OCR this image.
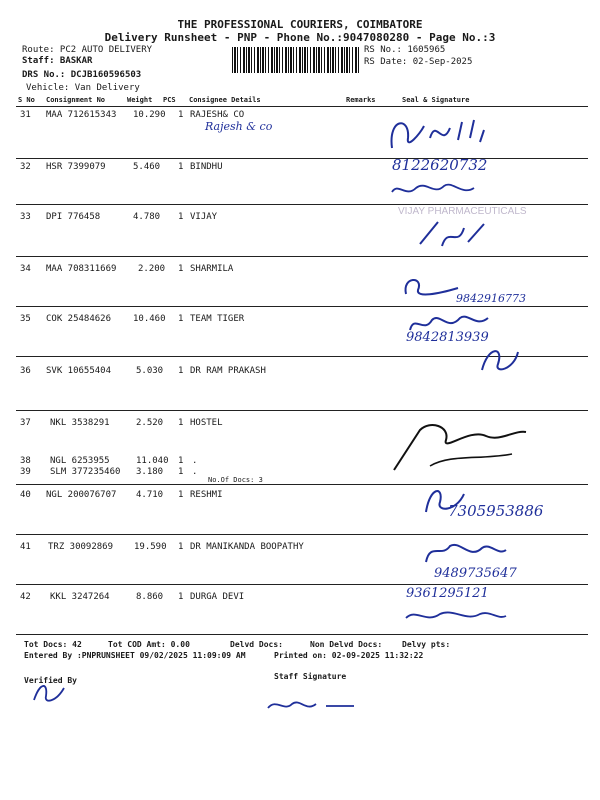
THE PROFESSIONAL COURIERS, COIMBATORE
Delivery Runsheet - PNP - Phone No.:9047080280 - Page No.:3
Route: PC2 AUTO DELIVERY
Staff: BASKAR
DRS No.: DCJB160596503
Vehicle: Van Delivery
RS No.: 1605965
RS Date: 02-Sep-2025
S No Consignment No	Weight PCS Consignee Details	Remarks	Seal & Signature
31 MAA 712615343 10.290 1 RAJESH& CO
32 HSR 7399079	5.460 1 BINDHU
33 DPI 776458	4.780 1 VIJAY
34 MAA 708311669 2.200 1 SHARMILA
35 COK 25484626 10.460 1 TEAM TIGER
36 SVK 10655404	5.030 1 DR RAM PRAKASH
37 NKL 3538291	2.520 1 HOSTEL
38 NGL 6253955	11.040 1 .
39 SLM 377235460 3.180 1 .
No.Of Docs: 3
40 NGL 200076707 4.710 1 RESHMI
41 TRZ 30092869 19.590 1 DR MANIKANDA BOOPATHY
42 KKL 3247264	8.860 1 DURGA DEVI
Rajesh & co
8122620732
VIJAY PHARMACEUTICALS
9842916773
9842813939
7305953886
9489735647
9361295121
Tot Docs: 42	Tot COD Amt: 0.00	Delvd Docs:	Non Delvd Docs: Delvy pts:
Entered By :PNPRUNSHEET 09/02/2025 11:09:09 AM	Printed on: 02-09-2025 11:32:22
Verified By	Staff Signature
